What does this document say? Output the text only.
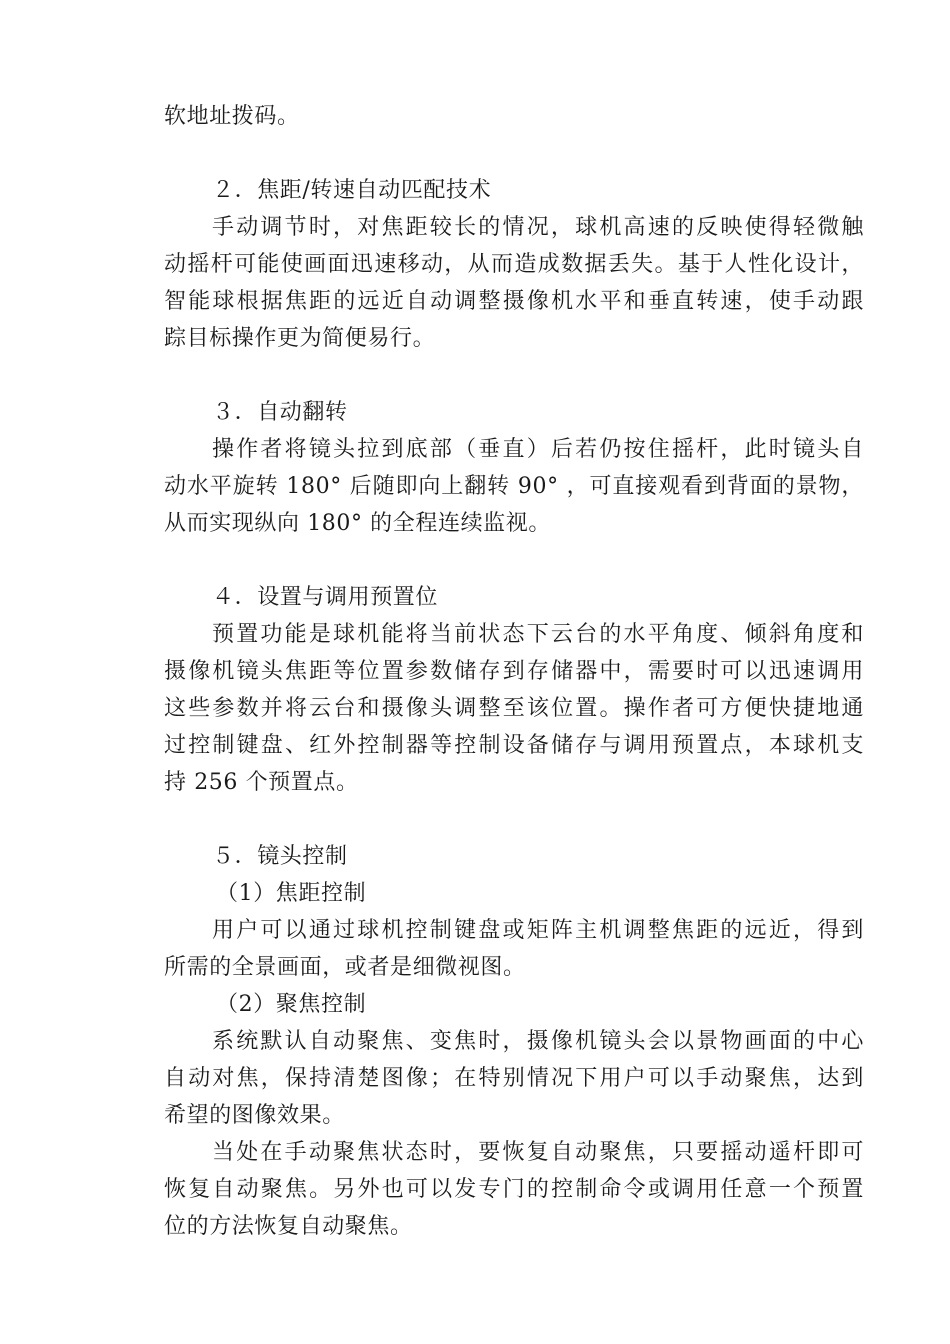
软地址拨码。
２．焦距/转速自动匹配技术
手动调节时，对焦距较长的情况，球机高速的反映使得轻微触
动摇杆可能使画面迅速移动，从而造成数据丢失。基于人性化设计，
智能球根据焦距的远近自动调整摄像机水平和垂直转速，使手动跟
踪目标操作更为简便易行。
３．自动翻转
操作者将镜头拉到底部（垂直）后若仍按住摇杆，此时镜头自
动水平旋转 180° 后随即向上翻转 90° ，可直接观看到背面的景物，
从而实现纵向 180° 的全程连续监视。
４．设置与调用预置位
预置功能是球机能将当前状态下云台的水平角度、倾斜角度和
摄像机镜头焦距等位置参数储存到存储器中，需要时可以迅速调用
这些参数并将云台和摄像头调整至该位置。操作者可方便快捷地通
过控制键盘、红外控制器等控制设备储存与调用预置点，本球机支
持 256 个预置点。
５．镜头控制
（1）焦距控制
用户可以通过球机控制键盘或矩阵主机调整焦距的远近，得到
所需的全景画面，或者是细微视图。
（2）聚焦控制
系统默认自动聚焦、变焦时，摄像机镜头会以景物画面的中心
自动对焦，保持清楚图像；在特别情况下用户可以手动聚焦，达到
希望的图像效果。
当处在手动聚焦状态时，要恢复自动聚焦，只要摇动遥杆即可
恢复自动聚焦。另外也可以发专门的控制命令或调用任意一个预置
位的方法恢复自动聚焦。
